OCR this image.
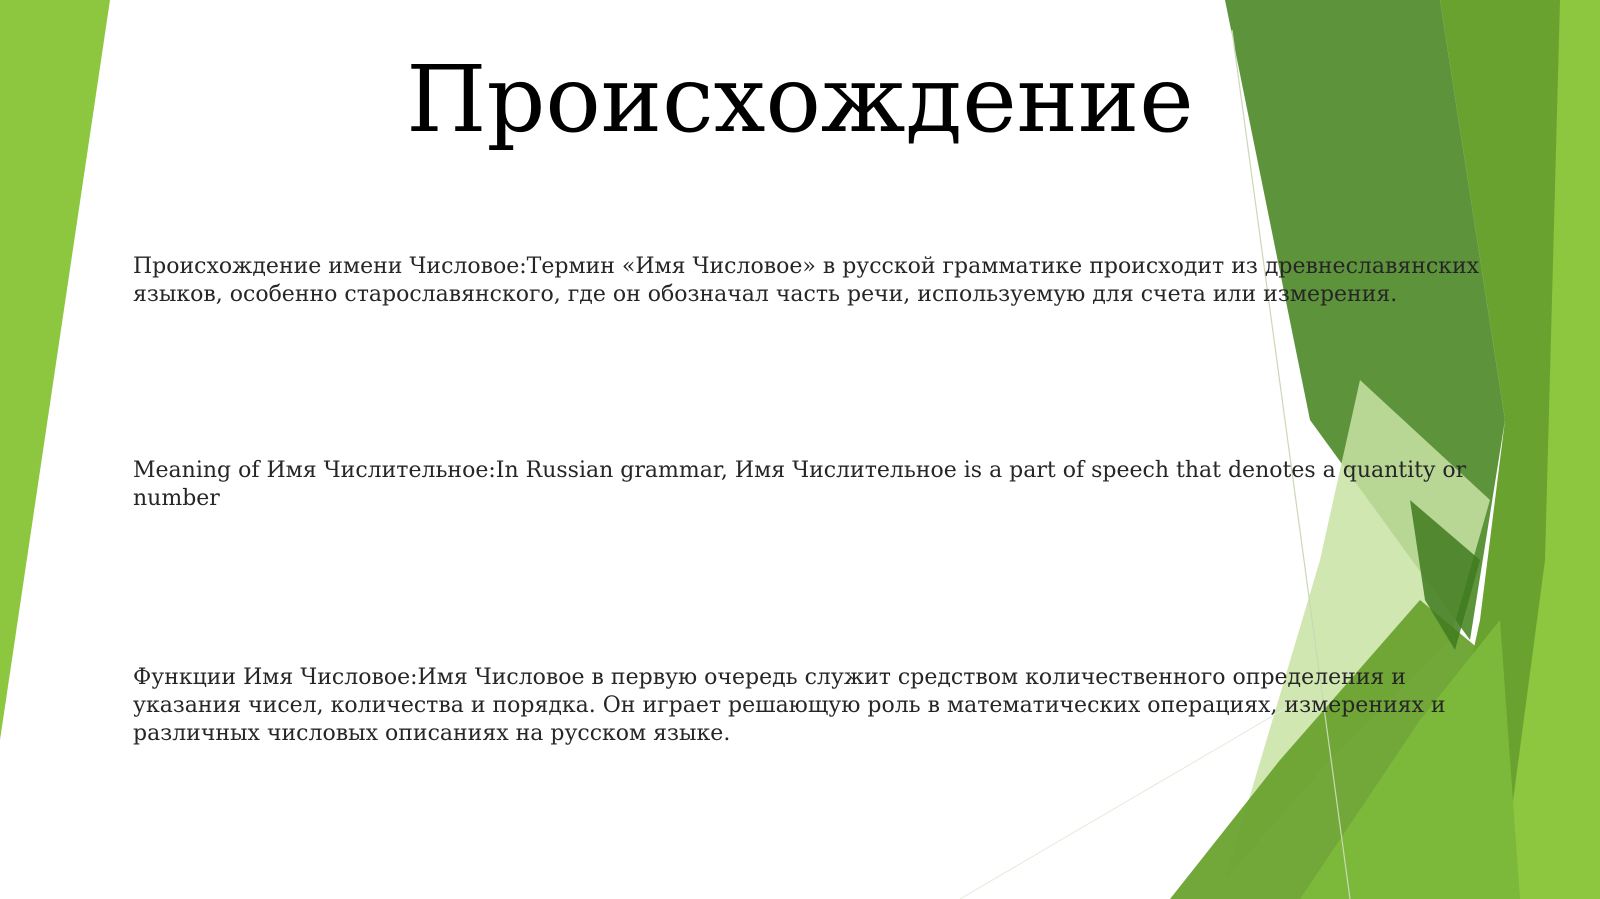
Происхождение

Происхождение имени Числовое:Термин «Имя Числовое» в русской грамматике происходит из древнеславянских языков, особенно старославянского, где он обозначал часть речи, используемую для счета или измерения.

Meaning of Имя Числительное:In Russian grammar, Имя Числительное is a part of speech that denotes a quantity or number

Функции Имя Числовое:Имя Числовое в первую очередь служит средством количественного определения и указания чисел, количества и порядка. Он играет решающую роль в математических операциях, измерениях и различных числовых описаниях на русском языке.
